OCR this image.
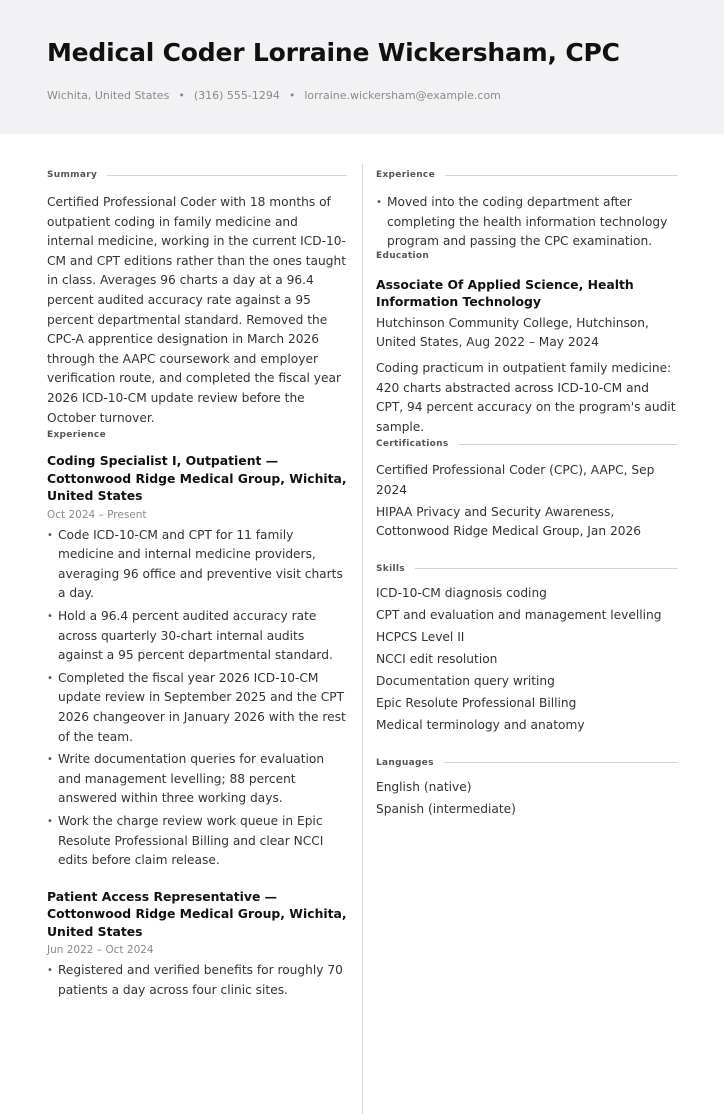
Medical Coder Lorraine Wickersham, CPC
Wichita, United States • (316) 555-1294 • lorraine.wickersham@example.com
Summary

Certified Professional Coder with 18 months of outpatient coding in family medicine and internal medicine, working in the current ICD-10-CM and CPT editions rather than the ones taught in class. Averages 96 charts a day at a 96.4 percent audited accuracy rate against a 95 percent departmental standard. Removed the CPC-A apprentice designation in March 2026 through the AAPC coursework and employer verification route, and completed the fiscal year 2026 ICD-10-CM update review before the October turnover.

Experience

Coding Specialist I, Outpatient — Cottonwood Ridge Medical Group, Wichita, United States

Oct 2024 – Present
• Code ICD-10-CM and CPT for 11 family medicine and internal medicine providers, averaging 96 office and preventive visit charts a day.
• Hold a 96.4 percent audited accuracy rate across quarterly 30-chart internal audits against a 95 percent departmental standard.
• Completed the fiscal year 2026 ICD-10-CM update review in September 2025 and the CPT 2026 changeover in January 2026 with the rest of the team.
• Write documentation queries for evaluation and management levelling; 88 percent answered within three working days.
• Work the charge review work queue in Epic Resolute Professional Billing and clear NCCI edits before claim release.

Patient Access Representative — Cottonwood Ridge Medical Group, Wichita, United States

Jun 2022 – Oct 2024
• Registered and verified benefits for roughly 70 patients a day across four clinic sites.
Experience
• Moved into the coding department after completing the health information technology program and passing the CPC examination.
Education

Associate Of Applied Science, Health Information Technology

Hutchinson Community College, Hutchinson, United States, Aug 2022 – May 2024

Coding practicum in outpatient family medicine: 420 charts abstracted across ICD-10-CM and CPT, 94 percent accuracy on the program's audit sample.

Certifications

Certified Professional Coder (CPC), AAPC, Sep 2024

HIPAA Privacy and Security Awareness, Cottonwood Ridge Medical Group, Jan 2026

Skills
ICD-10-CM diagnosis coding
CPT and evaluation and management levelling
HCPCS Level II
NCCI edit resolution
Documentation query writing
Epic Resolute Professional Billing
Medical terminology and anatomy
Languages
English (native)
Spanish (intermediate)
